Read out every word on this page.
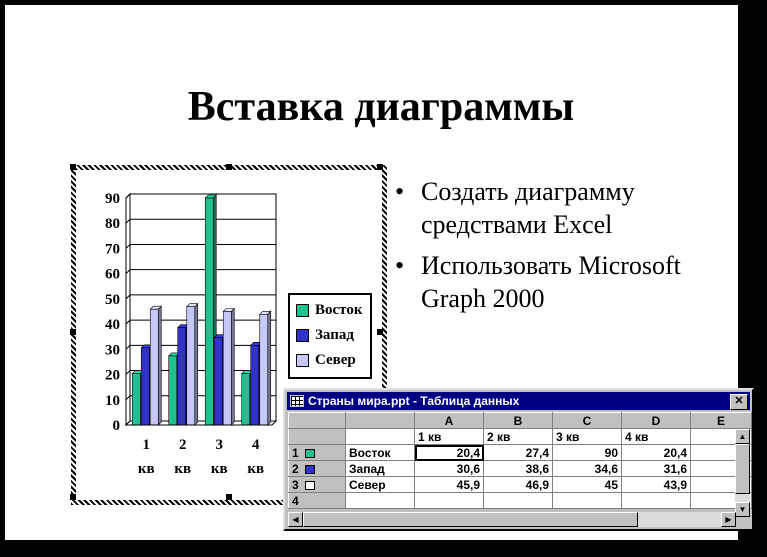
Вставка диаграммы
0
10
20
30
40
50
60
70
80
90
1
кв
2
кв
3
кв
4
кв
Восток
Запад
Север
• Создать диаграмму средствами Excel
• Использовать Microsoft Graph 2000
Страны мира.ppt - Таблица данных	✕
		A	B	C	D	E
		1 кв	2 кв	3 кв	4 кв	
1	Восток	20,4	27,4	90	20,4	
2	Запад	30,6	38,6	34,6	31,6	
3	Север	45,9	46,9	45	43,9	
4						
▲
▼
◀	▶
